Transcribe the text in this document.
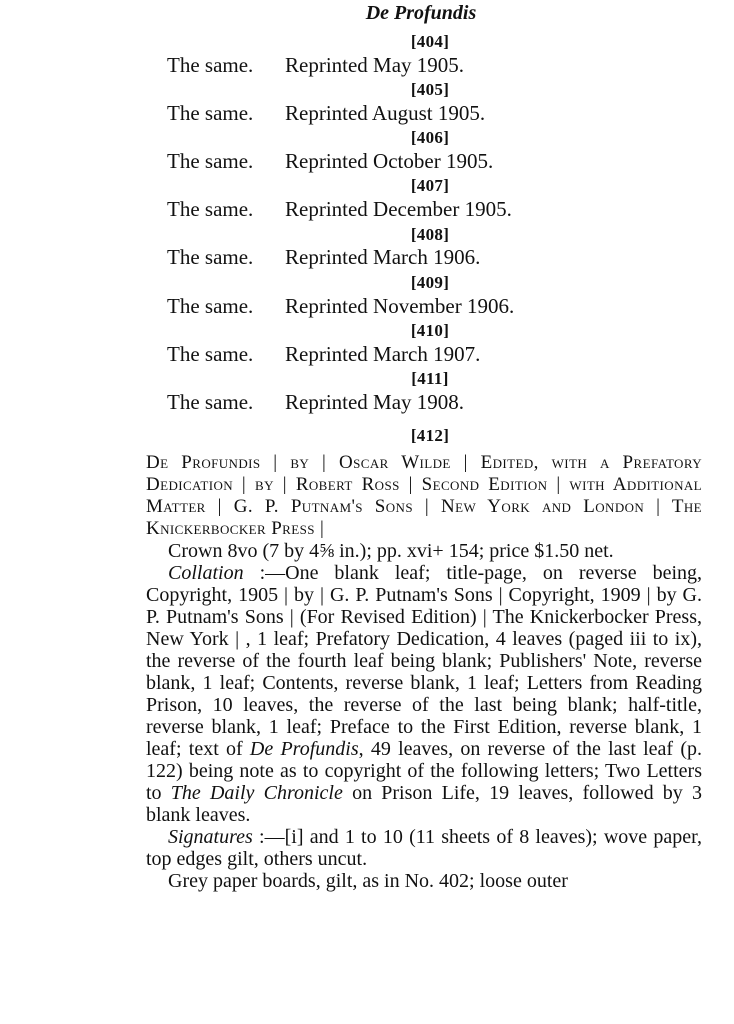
De Profundis
[404]
The same. Reprinted May 1905.
[405]
The same. Reprinted August 1905.
[406]
The same. Reprinted October 1905.
[407]
The same. Reprinted December 1905.
[408]
The same. Reprinted March 1906.
[409]
The same. Reprinted November 1906.
[410]
The same. Reprinted March 1907.
[411]
The same. Reprinted May 1908.
[412]
De Profundis | by | Oscar Wilde | Edited, with a Prefatory Dedication | by | Robert Ross | Second Edition | with Additional Matter | G. P. Putnam's Sons | New York and London | The Knickerbocker Press |
Crown 8vo (7 by 4⅝ in.); pp. xvi+ 154; price $1.50 net.
Collation :—One blank leaf; title-page, on reverse being, Copyright, 1905 | by | G. P. Putnam's Sons | Copyright, 1909 | by G. P. Putnam's Sons | (For Revised Edition) | The Knickerbocker Press, New York | , 1 leaf; Prefatory Dedication, 4 leaves (paged iii to ix), the reverse of the fourth leaf being blank; Publishers' Note, reverse blank, 1 leaf; Contents, reverse blank, 1 leaf; Letters from Reading Prison, 10 leaves, the reverse of the last being blank; half-title, reverse blank, 1 leaf; Preface to the First Edition, reverse blank, 1 leaf; text of De Profundis, 49 leaves, on reverse of the last leaf (p. 122) being note as to copyright of the following letters; Two Letters to The Daily Chronicle on Prison Life, 19 leaves, followed by 3 blank leaves.
Signatures :—[i] and 1 to 10 (11 sheets of 8 leaves); wove paper, top edges gilt, others uncut.
Grey paper boards, gilt, as in No. 402; loose outer
